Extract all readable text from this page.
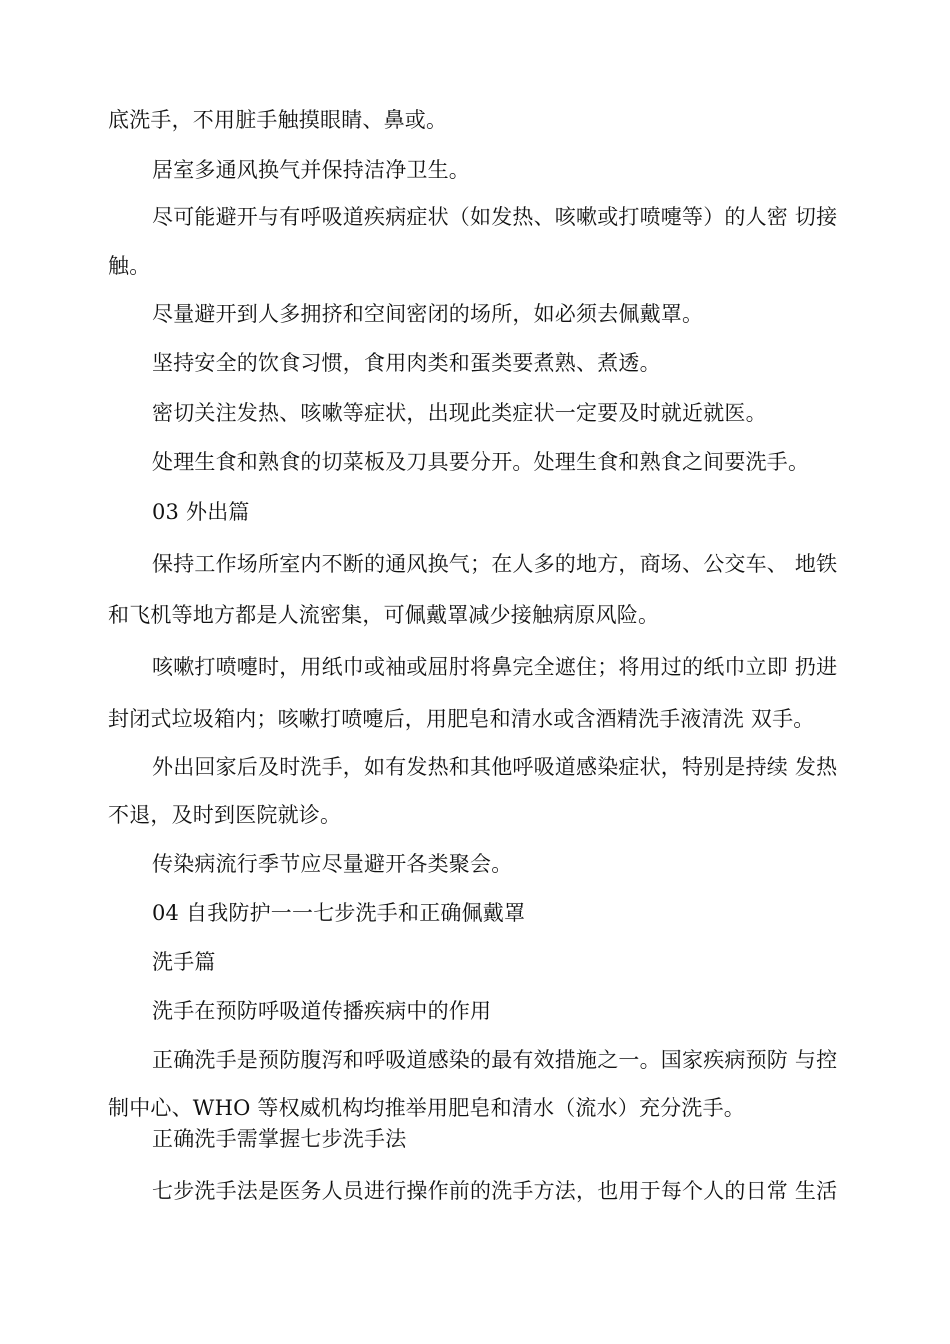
底洗手，不用脏手触摸眼睛、鼻或。
居室多通风换气并保持洁净卫生。
尽可能避开与有呼吸道疾病症状（如发热、咳嗽或打喷嚏等）的人密 切接
触。
尽量避开到人多拥挤和空间密闭的场所，如必须去佩戴罩。
坚持安全的饮食习惯，食用肉类和蛋类要煮熟、煮透。
密切关注发热、咳嗽等症状，出现此类症状一定要及时就近就医。
处理生食和熟食的切菜板及刀具要分开。处理生食和熟食之间要洗手。
03 外出篇
保持工作场所室内不断的通风换气；在人多的地方，商场、公交车、 地铁
和飞机等地方都是人流密集，可佩戴罩减少接触病原风险。
咳嗽打喷嚏时，用纸巾或袖或屈肘将鼻完全遮住；将用过的纸巾立即 扔进
封闭式垃圾箱内；咳嗽打喷嚏后，用肥皂和清水或含酒精洗手液清洗 双手。
外出回家后及时洗手，如有发热和其他呼吸道感染症状，特别是持续 发热
不退，及时到医院就诊。
传染病流行季节应尽量避开各类聚会。
04 自我防护一一七步洗手和正确佩戴罩
洗手篇
洗手在预防呼吸道传播疾病中的作用
正确洗手是预防腹泻和呼吸道感染的最有效措施之一。国家疾病预防 与控
制中心、WHO 等权威机构均推举用肥皂和清水（流水）充分洗手。
正确洗手需掌握七步洗手法
七步洗手法是医务人员进行操作前的洗手方法，也用于每个人的日常 生活
